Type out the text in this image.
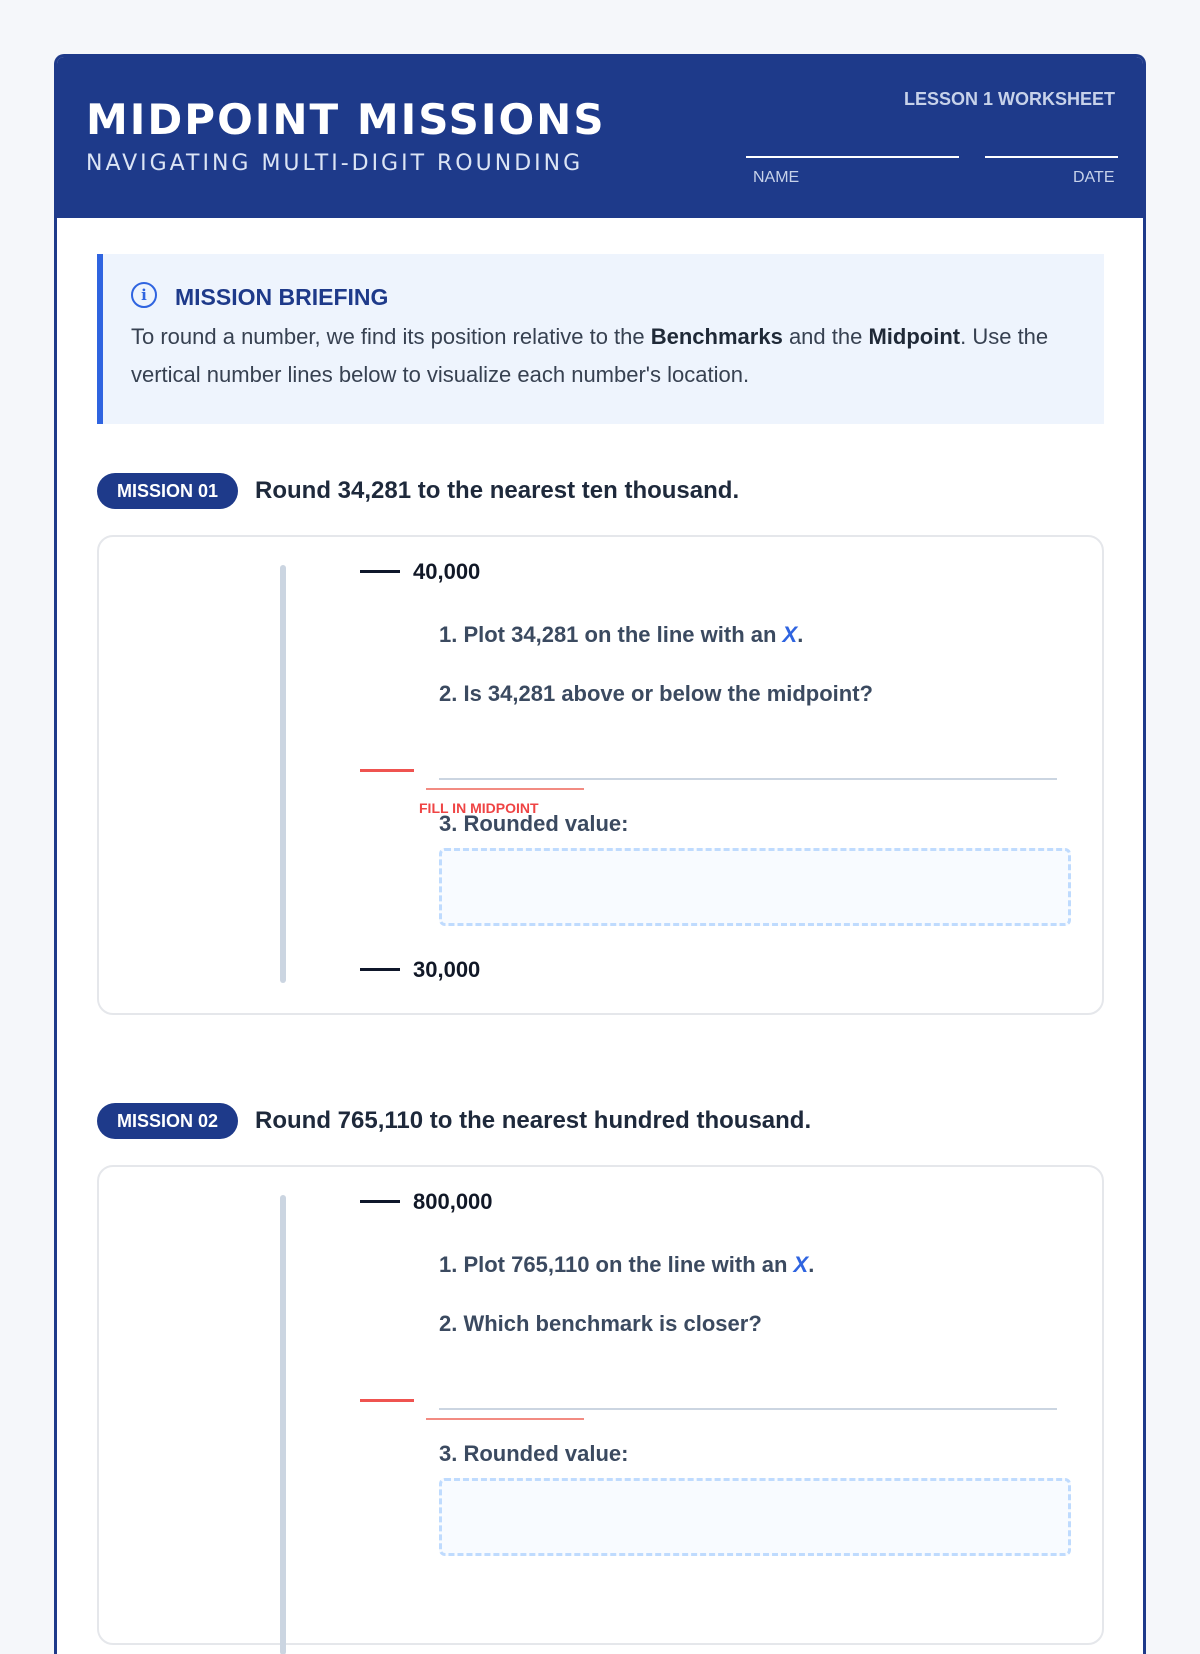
MIDPOINT MISSIONS
NAVIGATING MULTI-DIGIT ROUNDING
LESSON 1 WORKSHEET
NAME	DATE
i	MISSION BRIEFING
To round a number, we find its position relative to the Benchmarks and the Midpoint. Use the vertical number lines below to visualize each number's location.
MISSION 01 Round 34,281 to the nearest ten thousand.
40,000
1. Plot 34,281 on the line with an X.
2. Is 34,281 above or below the midpoint?
FILL IN MIDPOINT
3. Rounded value:
30,000
MISSION 02 Round 765,110 to the nearest hundred thousand.
800,000
1. Plot 765,110 on the line with an X.
2. Which benchmark is closer?
3. Rounded value:
